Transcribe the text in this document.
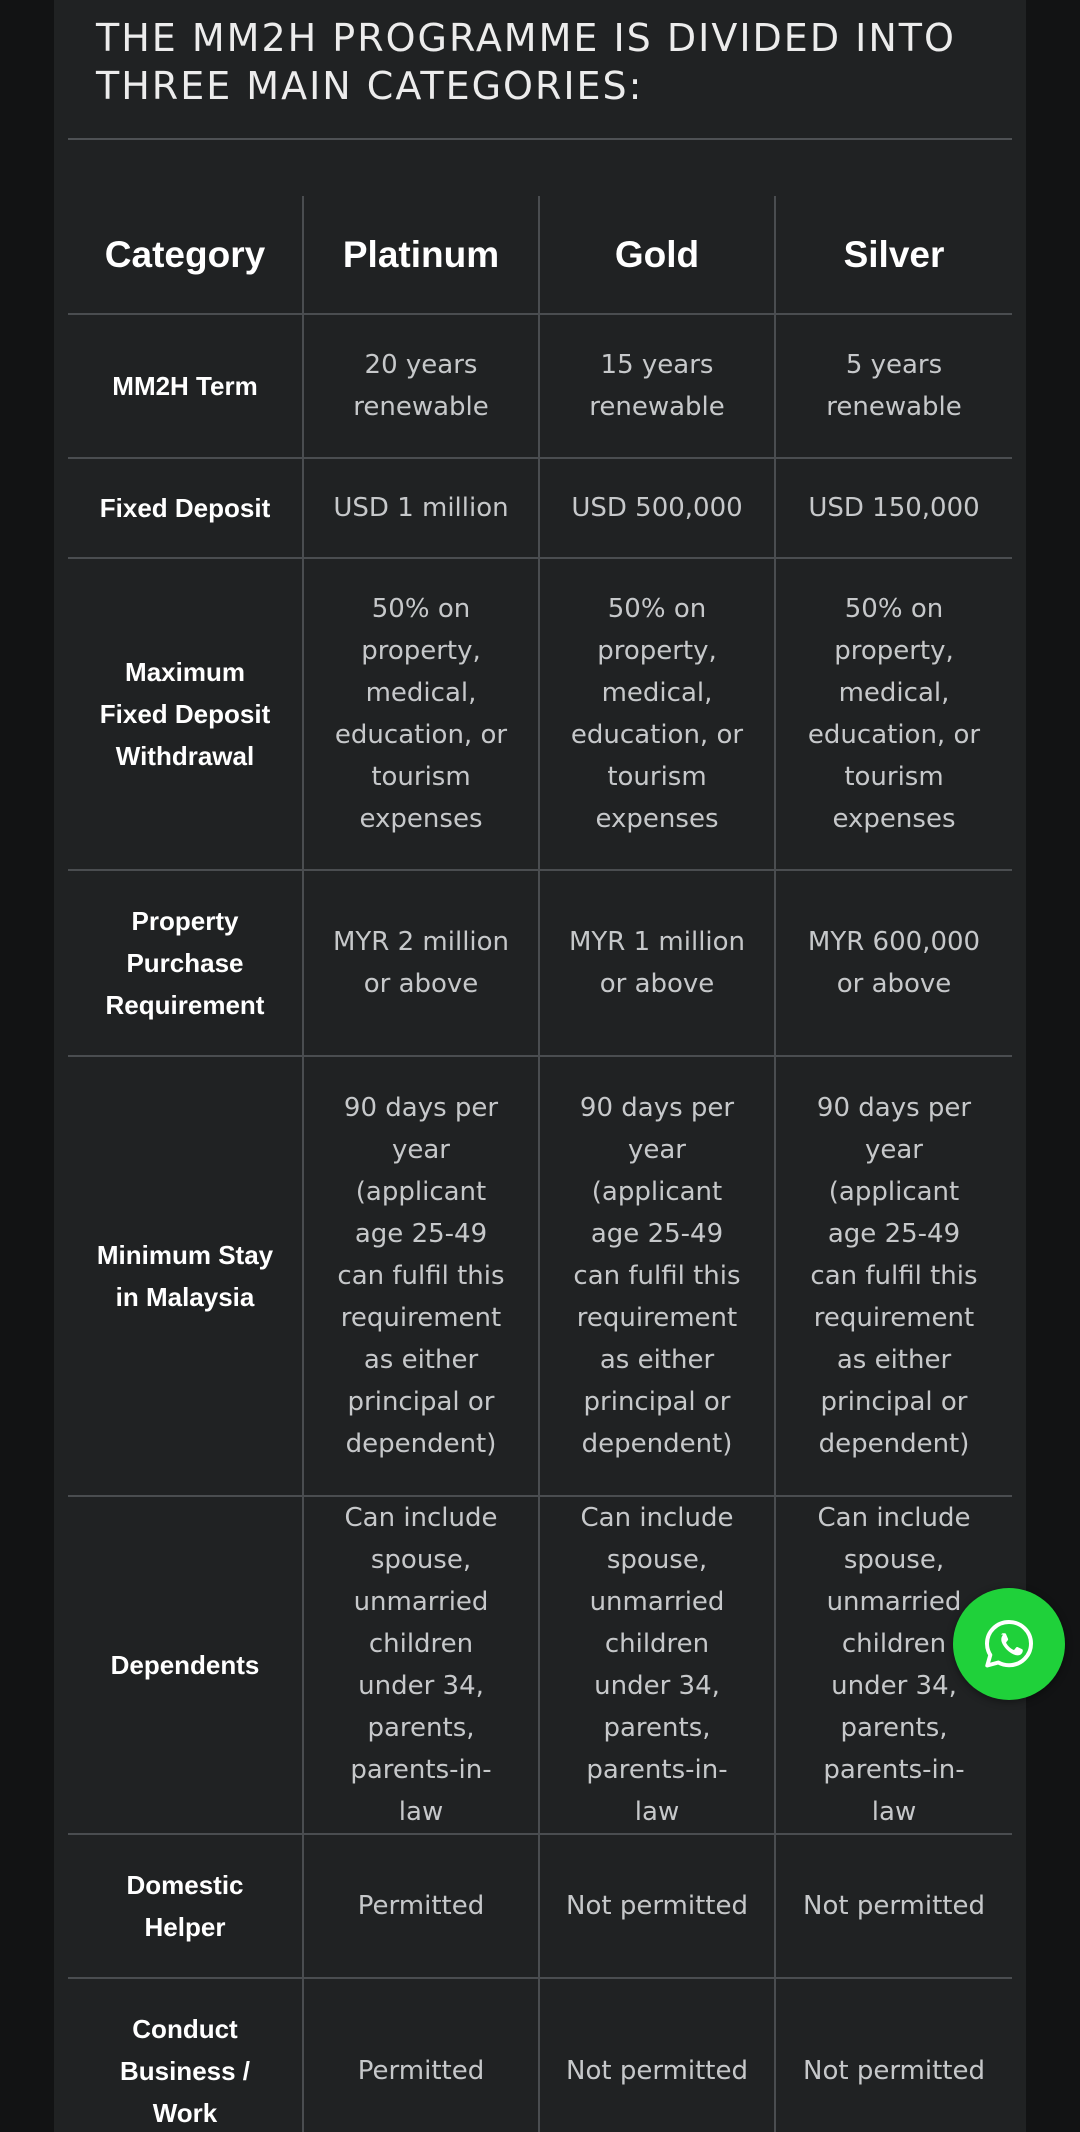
THE MM2H PROGRAMME IS DIVIDED INTO THREE MAIN CATEGORIES:
Category	Platinum	Gold	Silver
MM2H Term	20 years renewable	15 years renewable	5 years renewable
Fixed Deposit	USD 1 million	USD 500,000	USD 150,000
Maximum Fixed Deposit Withdrawal	50% on property, medical, education, or tourism expenses	50% on property, medical, education, or tourism expenses	50% on property, medical, education, or tourism expenses
Property Purchase Requirement	MYR 2 million or above	MYR 1 million or above	MYR 600,000 or above
Minimum Stay in Malaysia	90 days per year (applicant age 25-49 can fulfil this requirement as either principal or dependent)	90 days per year (applicant age 25-49 can fulfil this requirement as either principal or dependent)	90 days per year (applicant age 25-49 can fulfil this requirement as either principal or dependent)
Dependents	Can include spouse, unmarried children under 34, parents, parents-in-law	Can include spouse, unmarried children under 34, parents, parents-in-law	Can include spouse, unmarried children under 34, parents, parents-in-law
Domestic Helper	Permitted	Not permitted	Not permitted
Conduct Business / Work	Permitted	Not permitted	Not permitted
